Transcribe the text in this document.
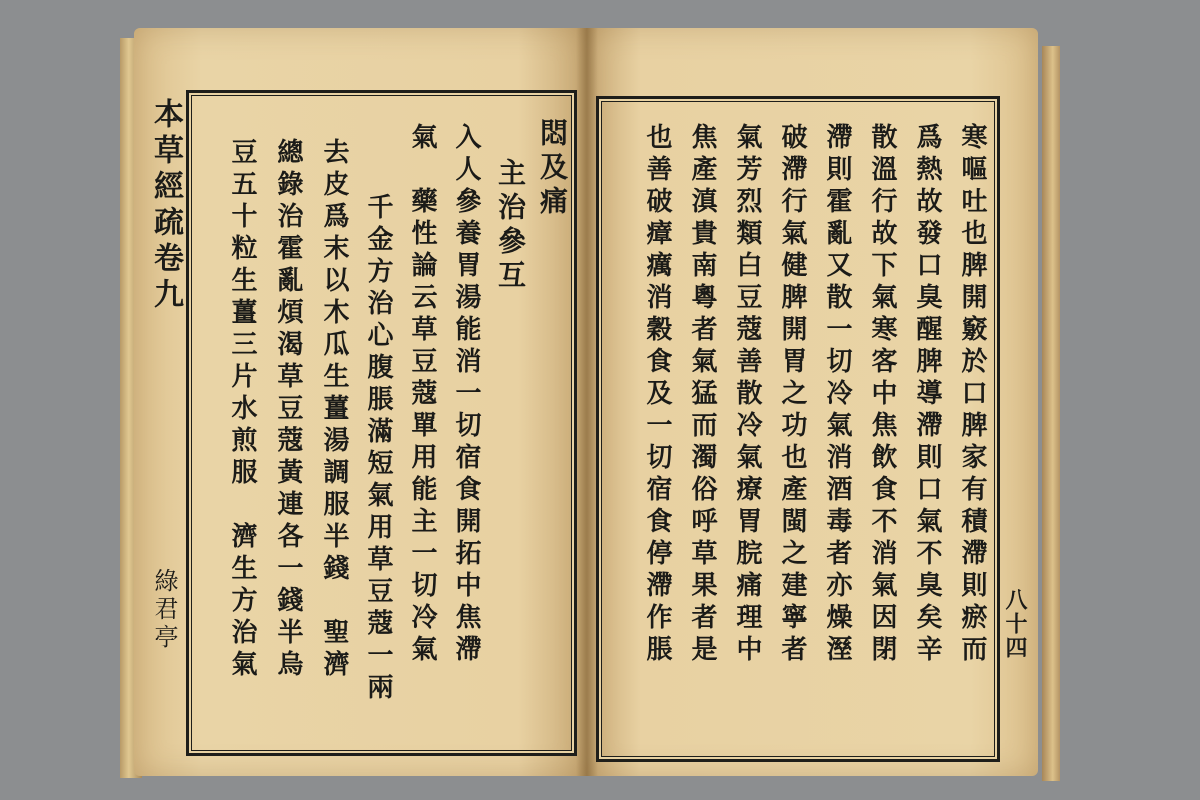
本草經疏卷九
綠君亭
悶及痛
主治參互
入人參養胃湯能消一切宿食開拓中焦滯
氣　藥性論云草豆蔻單用能主一切冷氣
千金方治心腹脹滿短氣用草豆蔻一兩
去皮爲末以木瓜生薑湯調服半錢　聖濟
總錄治霍亂煩渴草豆蔻黃連各一錢半烏
豆五十粒生薑三片水煎服　濟生方治氣	寒嘔吐也脾開竅於口脾家有積滯則瘀而
爲熱故發口臭醒脾導滯則口氣不臭矣辛
散溫行故下氣寒客中焦飲食不消氣因閉
滯則霍亂又散一切冷氣消酒毒者亦燥溼
破滯行氣健脾開胃之功也產閩之建寧者
氣芳烈類白豆蔻善散冷氣療胃脘痛理中
焦產滇貴南粵者氣猛而濁俗呼草果者是
也善破瘴癘消穀食及一切宿食停滯作脹	八十四
